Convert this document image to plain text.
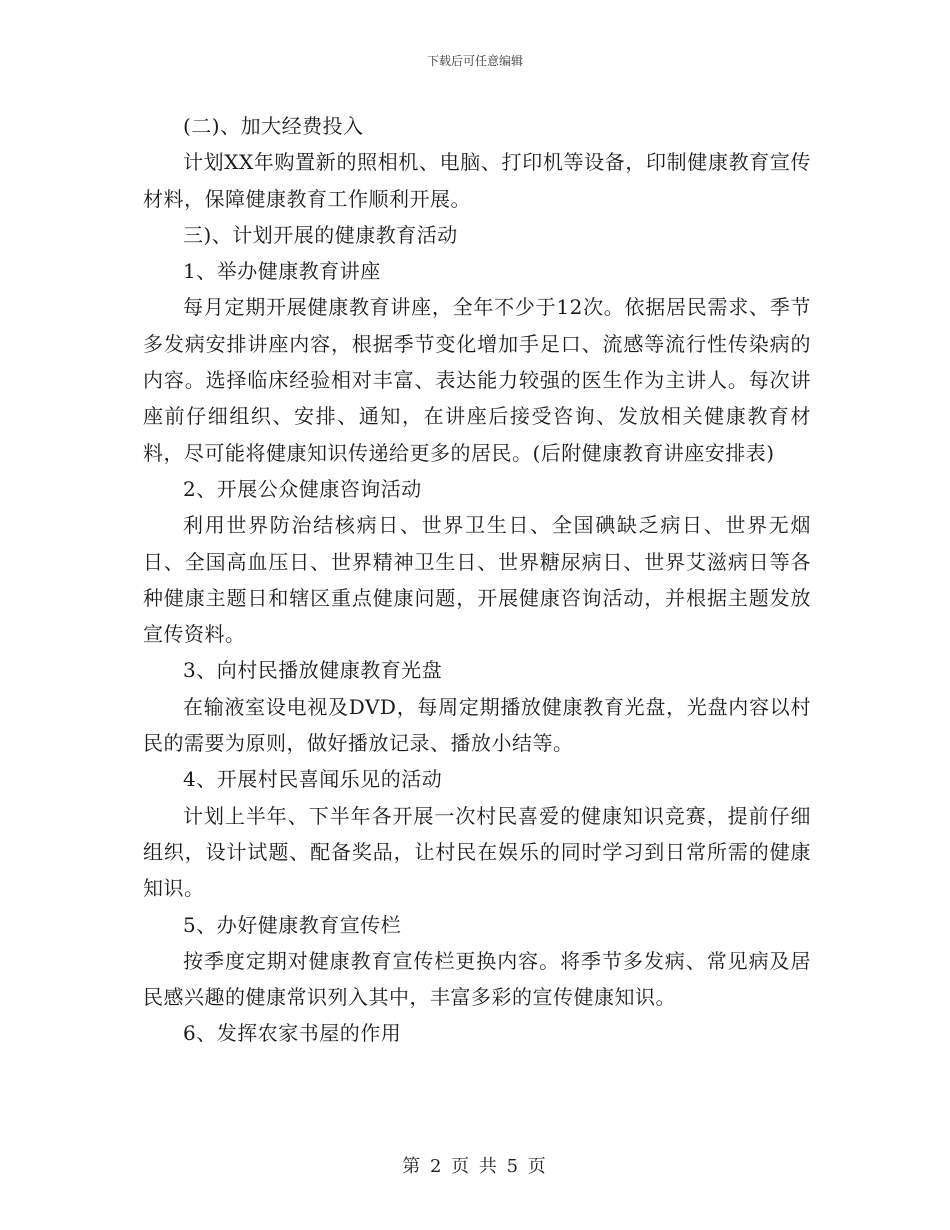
下载后可任意编辑

(二)、加大经费投入

计划XX年购置新的照相机、电脑、打印机等设备，印制健康教育宣传材料，保障健康教育工作顺利开展。

三)、计划开展的健康教育活动

1、举办健康教育讲座

每月定期开展健康教育讲座，全年不少于12次。依据居民需求、季节多发病安排讲座内容，根据季节变化增加手足口、流感等流行性传染病的内容。选择临床经验相对丰富、表达能力较强的医生作为主讲人。每次讲座前仔细组织、安排、通知，在讲座后接受咨询、发放相关健康教育材料，尽可能将健康知识传递给更多的居民。(后附健康教育讲座安排表)

2、开展公众健康咨询活动

利用世界防治结核病日、世界卫生日、全国碘缺乏病日、世界无烟日、全国高血压日、世界精神卫生日、世界糖尿病日、世界艾滋病日等各种健康主题日和辖区重点健康问题，开展健康咨询活动，并根据主题发放宣传资料。

3、向村民播放健康教育光盘

在输液室设电视及DVD，每周定期播放健康教育光盘，光盘内容以村民的需要为原则，做好播放记录、播放小结等。

4、开展村民喜闻乐见的活动

计划上半年、下半年各开展一次村民喜爱的健康知识竞赛，提前仔细组织，设计试题、配备奖品，让村民在娱乐的同时学习到日常所需的健康知识。

5、办好健康教育宣传栏

按季度定期对健康教育宣传栏更换内容。将季节多发病、常见病及居民感兴趣的健康常识列入其中，丰富多彩的宣传健康知识。

6、发挥农家书屋的作用

第 2 页 共 5 页
